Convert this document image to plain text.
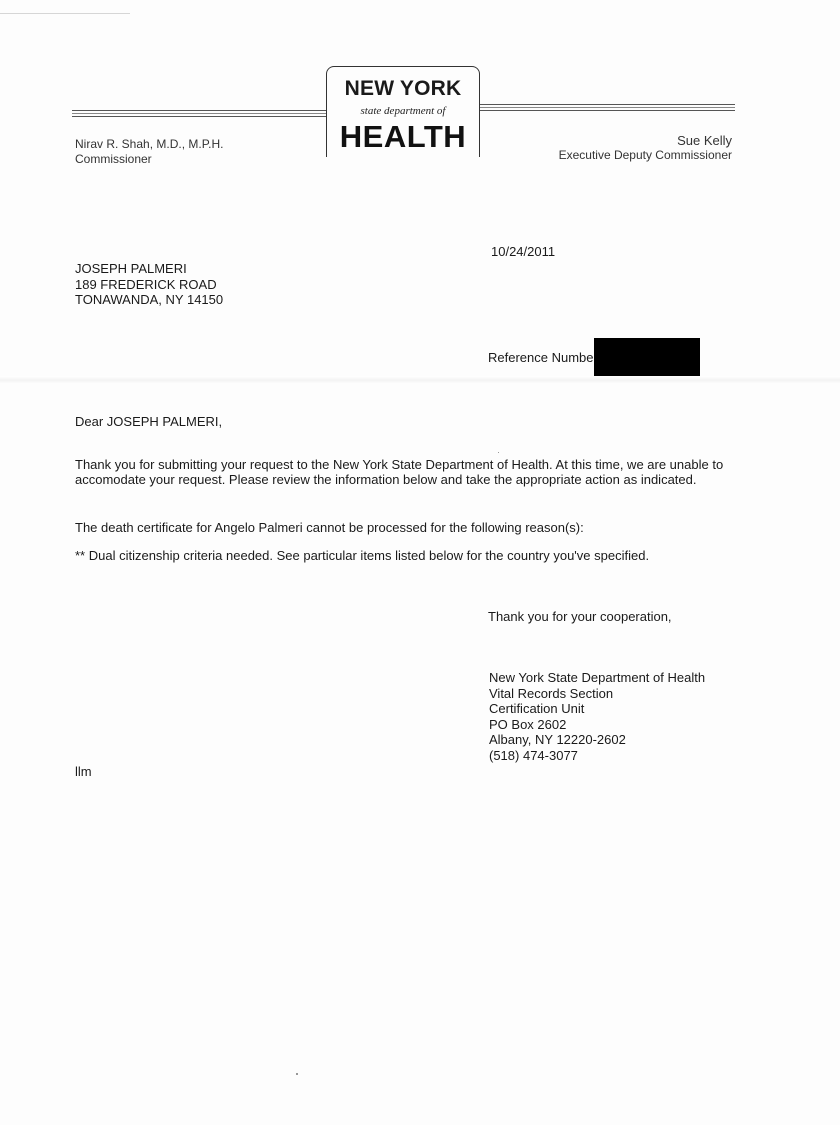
NEW YORK
state department of
HEALTH
Nirav R. Shah, M.D., M.P.H.
Commissioner
Sue Kelly
Executive Deputy Commissioner
10/24/2011
JOSEPH PALMERI
189 FREDERICK ROAD
TONAWANDA, NY 14150
Reference Numbe
Dear JOSEPH PALMERI,
Thank you for submitting your request to the New York State Department of Health. At this time, we are unable to accomodate your request. Please review the information below and take the appropriate action as indicated.
The death certificate for Angelo Palmeri cannot be processed for the following reason(s):
** Dual citizenship criteria needed. See particular items listed below for the country you've specified.
Thank you for your cooperation,
New York State Department of Health
Vital Records Section
Certification Unit
PO Box 2602
Albany, NY 12220-2602
(518) 474-3077
llm
